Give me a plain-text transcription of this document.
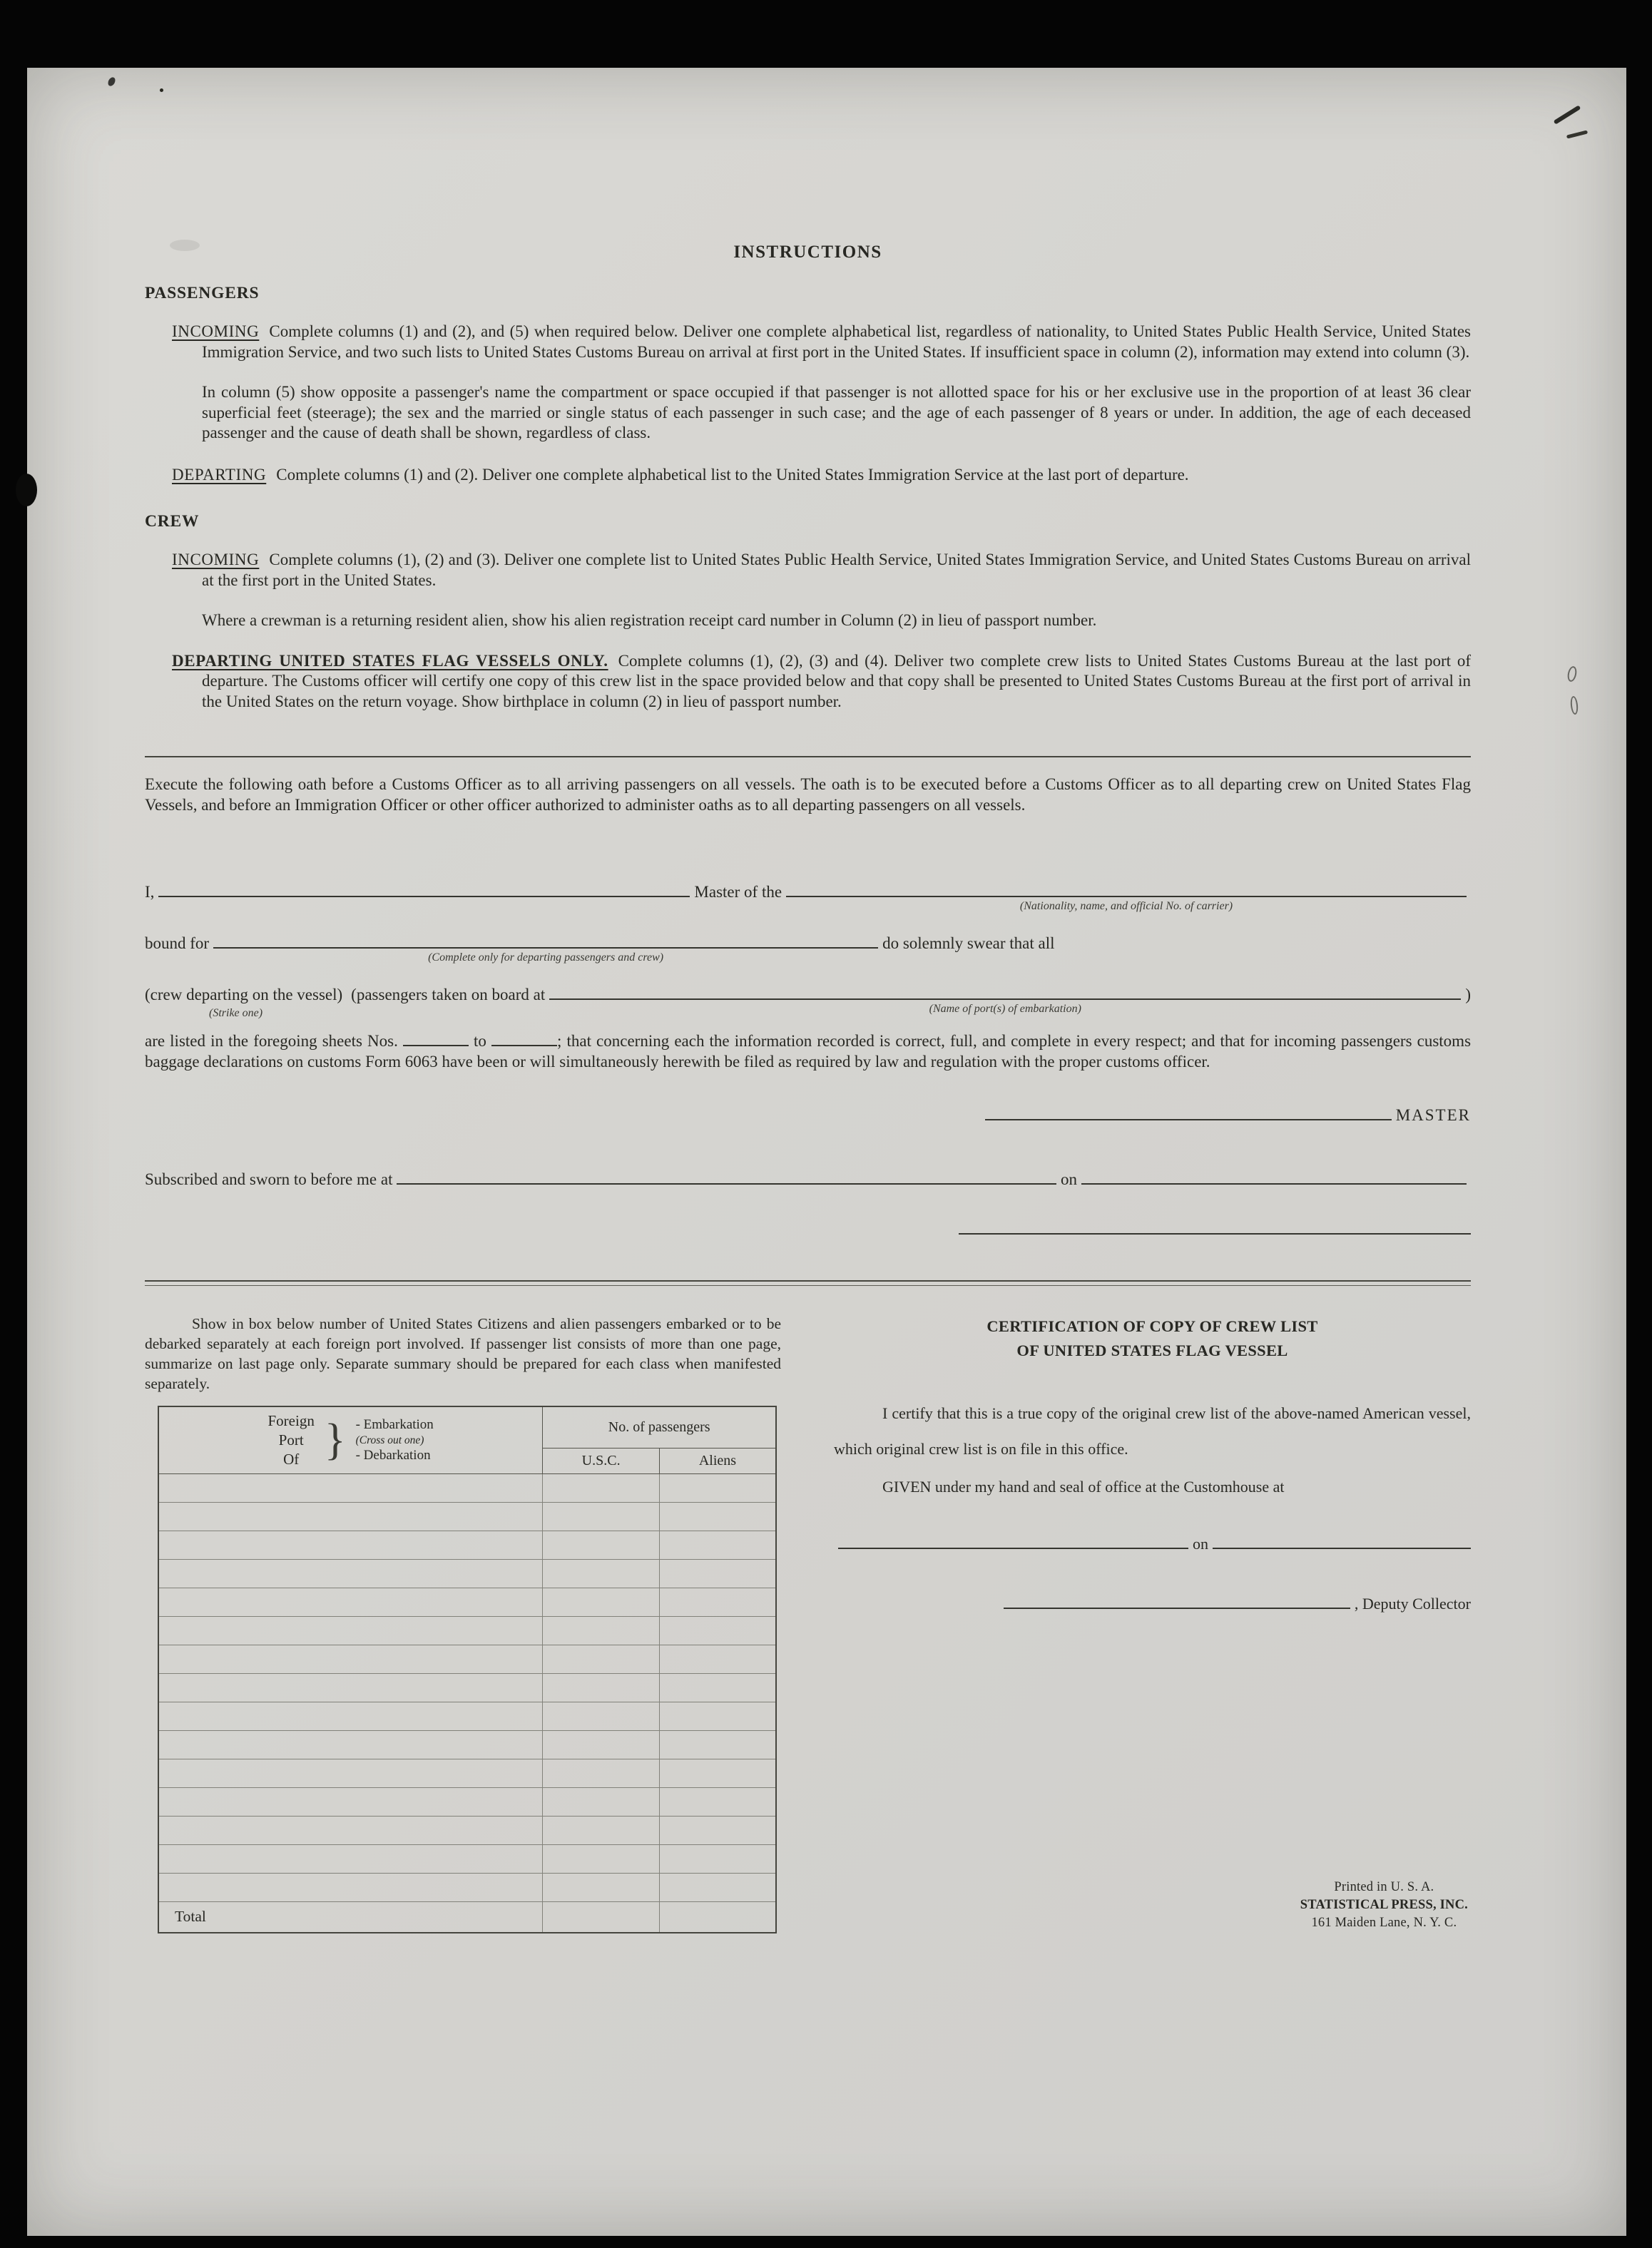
INSTRUCTIONS
PASSENGERS

INCOMING Complete columns (1) and (2), and (5) when required below. Deliver one complete alphabetical list, regardless of nationality, to United States Public Health Service, United States Immigration Service, and two such lists to United States Customs Bureau on arrival at first port in the United States. If insufficient space in column (2), information may extend into column (3).

In column (5) show opposite a passenger's name the compartment or space occupied if that passenger is not allotted space for his or her exclusive use in the proportion of at least 36 clear superficial feet (steerage); the sex and the married or single status of each passenger in such case; and the age of each passenger of 8 years or under. In addition, the age of each deceased passenger and the cause of death shall be shown, regardless of class.

DEPARTING Complete columns (1) and (2). Deliver one complete alphabetical list to the United States Immigration Service at the last port of departure.

CREW

INCOMING Complete columns (1), (2) and (3). Deliver one complete list to United States Public Health Service, United States Immigration Service, and United States Customs Bureau on arrival at the first port in the United States.

Where a crewman is a returning resident alien, show his alien registration receipt card number in Column (2) in lieu of passport number.

DEPARTING UNITED STATES FLAG VESSELS ONLY. Complete columns (1), (2), (3) and (4). Deliver two complete crew lists to United States Customs Bureau at the last port of departure. The Customs officer will certify one copy of this crew list in the space provided below and that copy shall be presented to United States Customs Bureau at the first port of arrival in the United States on the return voyage. Show birthplace in column (2) in lieu of passport number.

Execute the following oath before a Customs Officer as to all arriving passengers on all vessels. The oath is to be executed before a Customs Officer as to all departing crew on United States Flag Vessels, and before an Immigration Officer or other officer authorized to administer oaths as to all departing passengers on all vessels.

I,	Master of the
(Nationality, name, and official No. of carrier)
bound for
(Complete only for departing passengers and crew)
do solemnly swear that all
(crew departing on the vessel)
(Strike one)
(passengers taken on board at
(Name of port(s) of embarkation)
)

are listed in the foregoing sheets Nos.	to	; that concerning each the information recorded is correct, full, and complete in every respect; and that for incoming passengers customs baggage declarations on customs Form 6063 have been or will simultaneously herewith be filed as required by law and regulation with the proper customs officer.

MASTER
Subscribed and sworn to before me at	on

Show in box below number of United States Citizens and alien passengers embarked or to be debarked separately at each foreign port involved. If passenger list consists of more than one page, summarize on last page only. Separate summary should be prepared for each class when manifested separately.

Foreign
Port
Of } - Embarkation
(Cross out one)
- Debarkation
	No. of passengers
	U.S.C.	Aliens

Total		
CERTIFICATION OF COPY OF CREW LIST
OF UNITED STATES FLAG VESSEL

I certify that this is a true copy of the original crew list of the above-named American vessel, which original crew list is on file in this office.

GIVEN under my hand and seal of office at the Customhouse at

on
, Deputy Collector
Printed in U. S. A.
STATISTICAL PRESS, INC.
161 Maiden Lane, N. Y. C.
